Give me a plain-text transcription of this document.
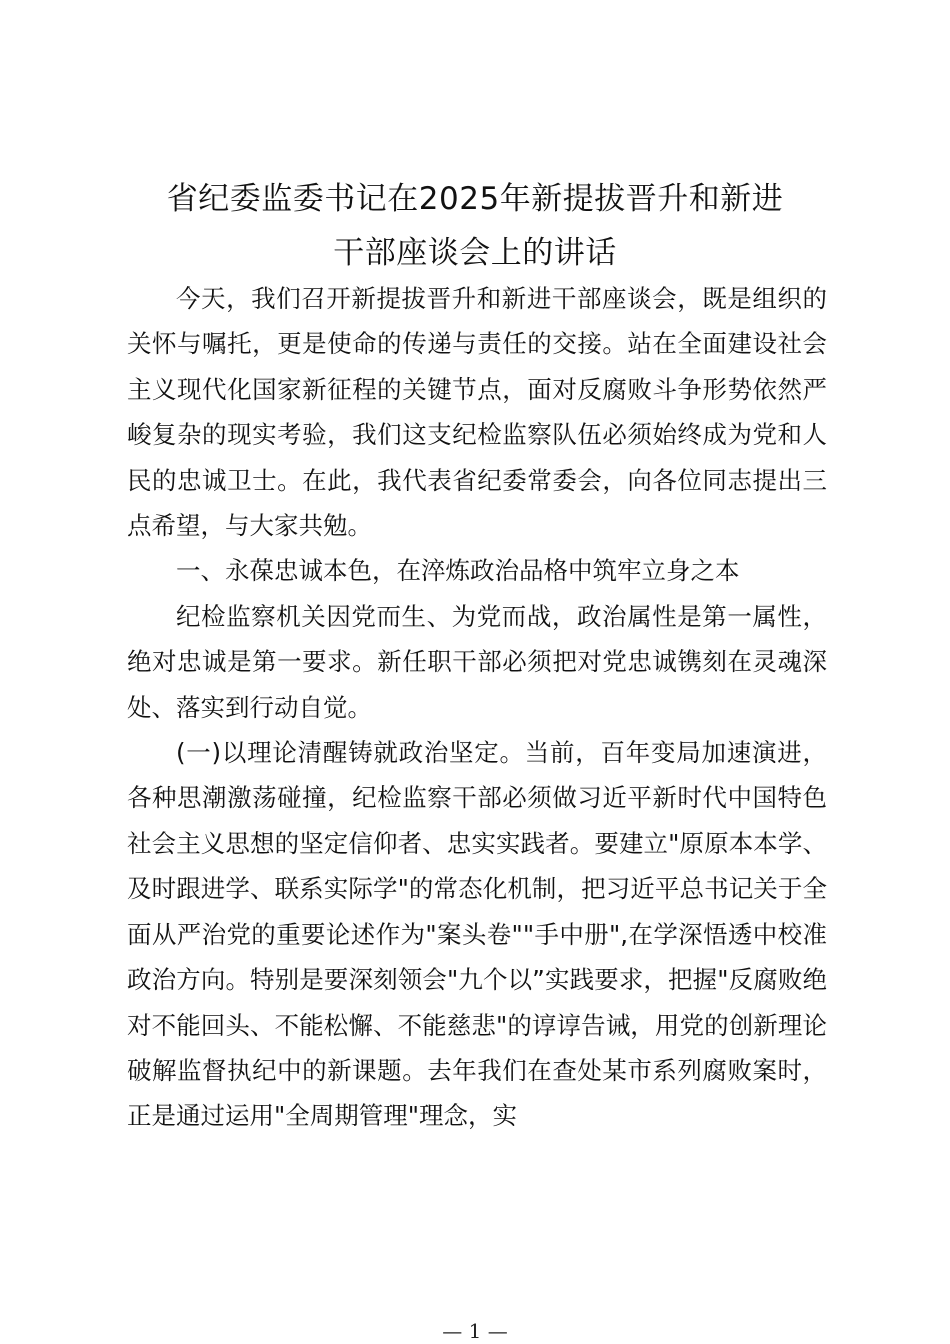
省纪委监委书记在2025年新提拔晋升和新进
干部座谈会上的讲话

今天，我们召开新提拔晋升和新进干部座谈会，既是组织的关怀与嘱托，更是使命的传递与责任的交接。站在全面建设社会主义现代化国家新征程的关键节点，面对反腐败斗争形势依然严峻复杂的现实考验，我们这支纪检监察队伍必须始终成为党和人民的忠诚卫士。在此，我代表省纪委常委会，向各位同志提出三点希望，与大家共勉。

一、永葆忠诚本色，在淬炼政治品格中筑牢立身之本

纪检监察机关因党而生、为党而战，政治属性是第一属性，绝对忠诚是第一要求。新任职干部必须把对党忠诚镌刻在灵魂深处、落实到行动自觉。

(一)以理论清醒铸就政治坚定。当前，百年变局加速演进，各种思潮激荡碰撞，纪检监察干部必须做习近平新时代中国特色社会主义思想的坚定信仰者、忠实实践者。要建立"原原本本学、及时跟进学、联系实际学"的常态化机制，把习近平总书记关于全面从严治党的重要论述作为"案头卷""手中册",在学深悟透中校准政治方向。特别是要深刻领会"九个以”实践要求，把握"反腐败绝对不能回头、不能松懈、不能慈悲"的谆谆告诫，用党的创新理论破解监督执纪中的新课题。去年我们在查处某市系列腐败案时，正是通过运用"全周期管理"理念，实

— 1 —
